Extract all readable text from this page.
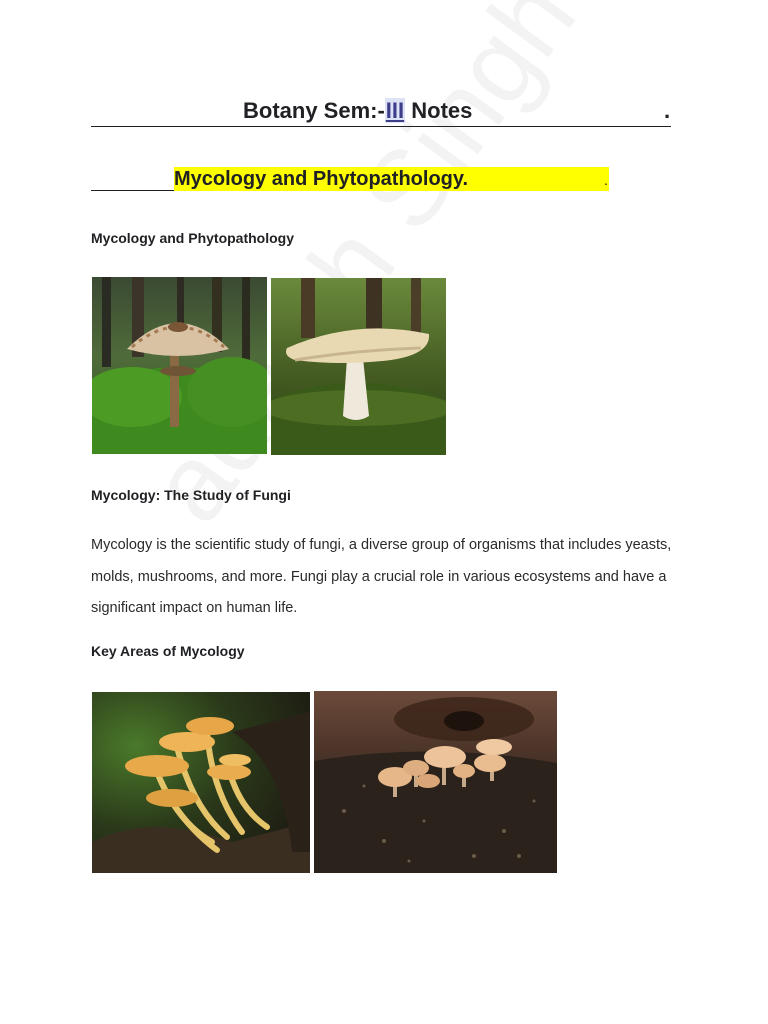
Botany Sem:-III Notes	.
Mycology and Phytopathology.	.
Mycology and Phytopathology
Mycology: The Study of Fungi
Mycology is the scientific study of fungi, a diverse group of organisms that includes yeasts, molds, mushrooms, and more. Fungi play a crucial role in various ecosystems and have a significant impact on human life.
Key Areas of Mycology
